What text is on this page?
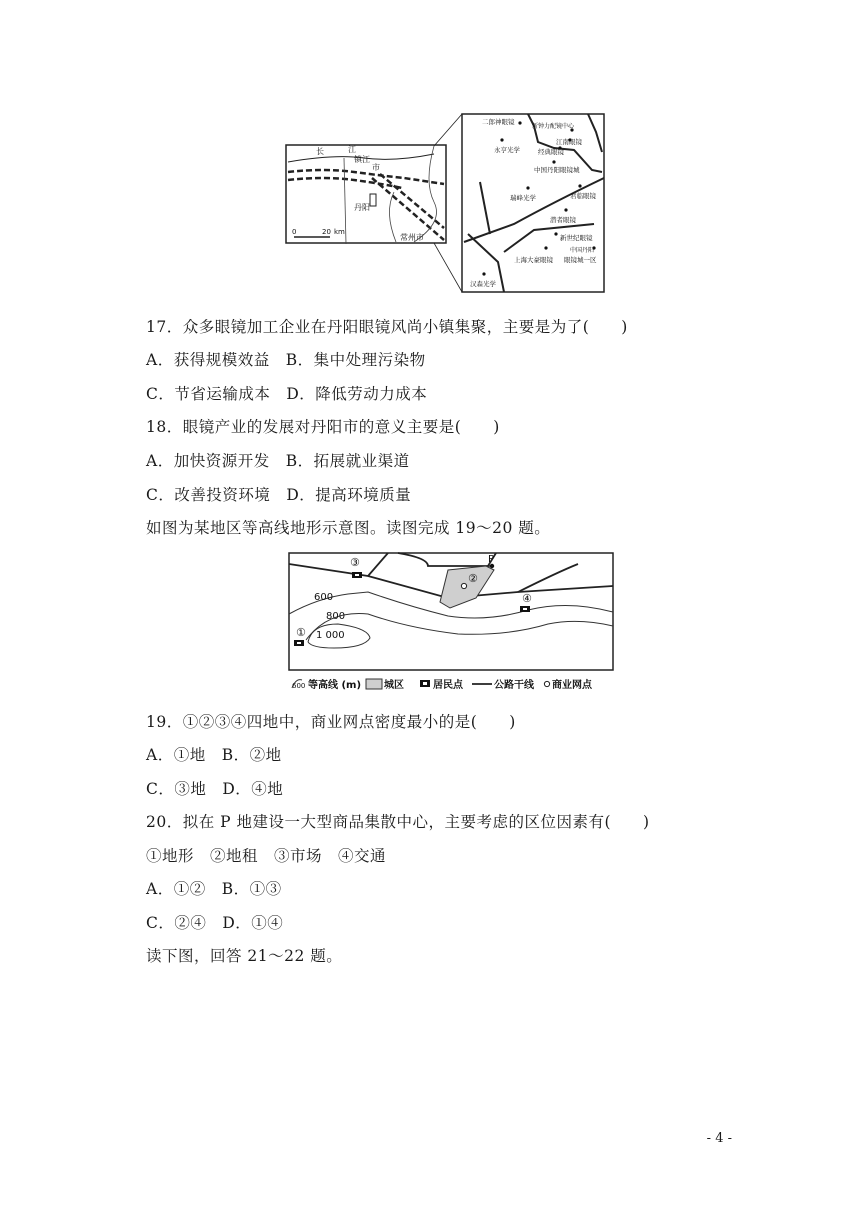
长	江
镇江
市
丹阳
常州市
0	20 km
二郎神眼镜
新钟力配镜中心
江南眼镜
永亨光学	经典眼镜
中国丹阳眼镜城
君临眼镜
瑞峰光学
潜者眼镜
新世纪眼镜
中国丹阳
上海大豪眼镜 眼镜城一区
汉森光学
17．众多眼镜加工企业在丹阳眼镜风尚小镇集聚，主要是为了(　　)
A．获得规模效益　B．集中处理污染物
C．节省运输成本　D．降低劳动力成本
18．眼镜产业的发展对丹阳市的意义主要是(　　)
A．加快资源开发　B．拓展就业渠道
C．改善投资环境　D．提高环境质量
如图为某地区等高线地形示意图。读图完成 19～20 题。
600
800
1 000
①
②
③
④
P
600 等高线 (m) 城区	居民点	公路干线 商业网点
19．①②③④四地中，商业网点密度最小的是(　　)
A．①地　B．②地
C．③地　D．④地
20．拟在 P 地建设一大型商品集散中心，主要考虑的区位因素有(　　)
①地形　②地租　③市场　④交通
A．①②　B．①③
C．②④　D．①④
读下图，回答 21～22 题。
- 4 -
